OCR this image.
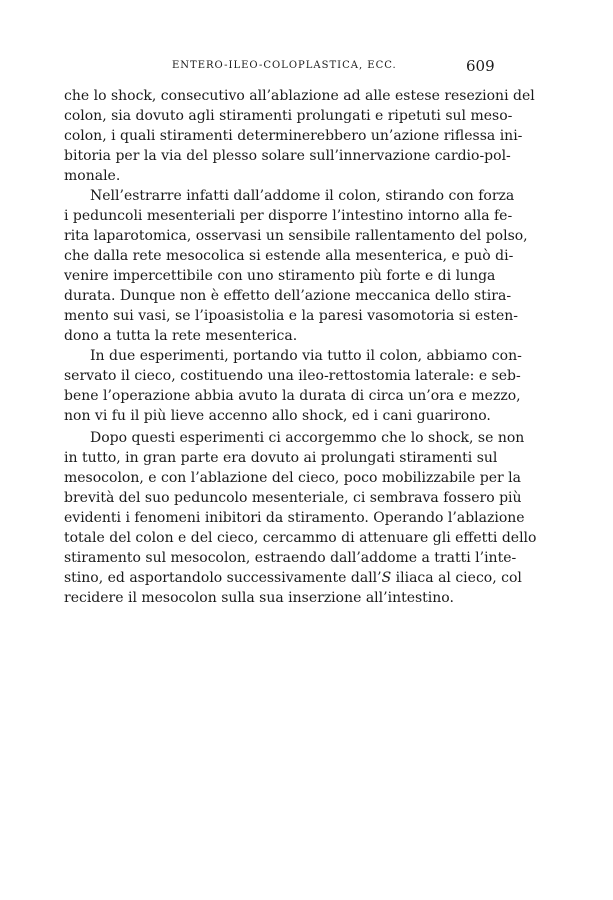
ENTERO-ILEO-COLOPLASTICA, ECC.	609
che lo shock, consecutivo all’ablazione ad alle estese resezioni del
colon, sia dovuto agli stiramenti prolungati e ripetuti sul meso-
colon, i quali stiramenti determinerebbero un’azione riflessa ini-
bitoria per la via del plesso solare sull’innervazione cardio-pol-
monale.
Nell’estrarre infatti dall’addome il colon, stirando con forza
i peduncoli mesenteriali per disporre l’intestino intorno alla fe-
rita laparotomica, osservasi un sensibile rallentamento del polso,
che dalla rete mesocolica si estende alla mesenterica, e può di-
venire impercettibile con uno stiramento più forte e di lunga
durata. Dunque non è effetto dell’azione meccanica dello stira-
mento sui vasi, se l’ipoasistolia e la paresi vasomotoria si esten-
dono a tutta la rete mesenterica.
In due esperimenti, portando via tutto il colon, abbiamo con-
servato il cieco, costituendo una ileo-rettostomia laterale: e seb-
bene l’operazione abbia avuto la durata di circa un’ora e mezzo,
non vi fu il più lieve accenno allo shock, ed i cani guarirono.
Dopo questi esperimenti ci accorgemmo che lo shock, se non
in tutto, in gran parte era dovuto ai prolungati stiramenti sul
mesocolon, e con l’ablazione del cieco, poco mobilizzabile per la
brevità del suo peduncolo mesenteriale, ci sembrava fossero più
evidenti i fenomeni inibitori da stiramento. Operando l’ablazione
totale del colon e del cieco, cercammo di attenuare gli effetti dello
stiramento sul mesocolon, estraendo dall’addome a tratti l’inte-
stino, ed asportandolo successivamente dall’S iliaca al cieco, col
recidere il mesocolon sulla sua inserzione all’intestino.
